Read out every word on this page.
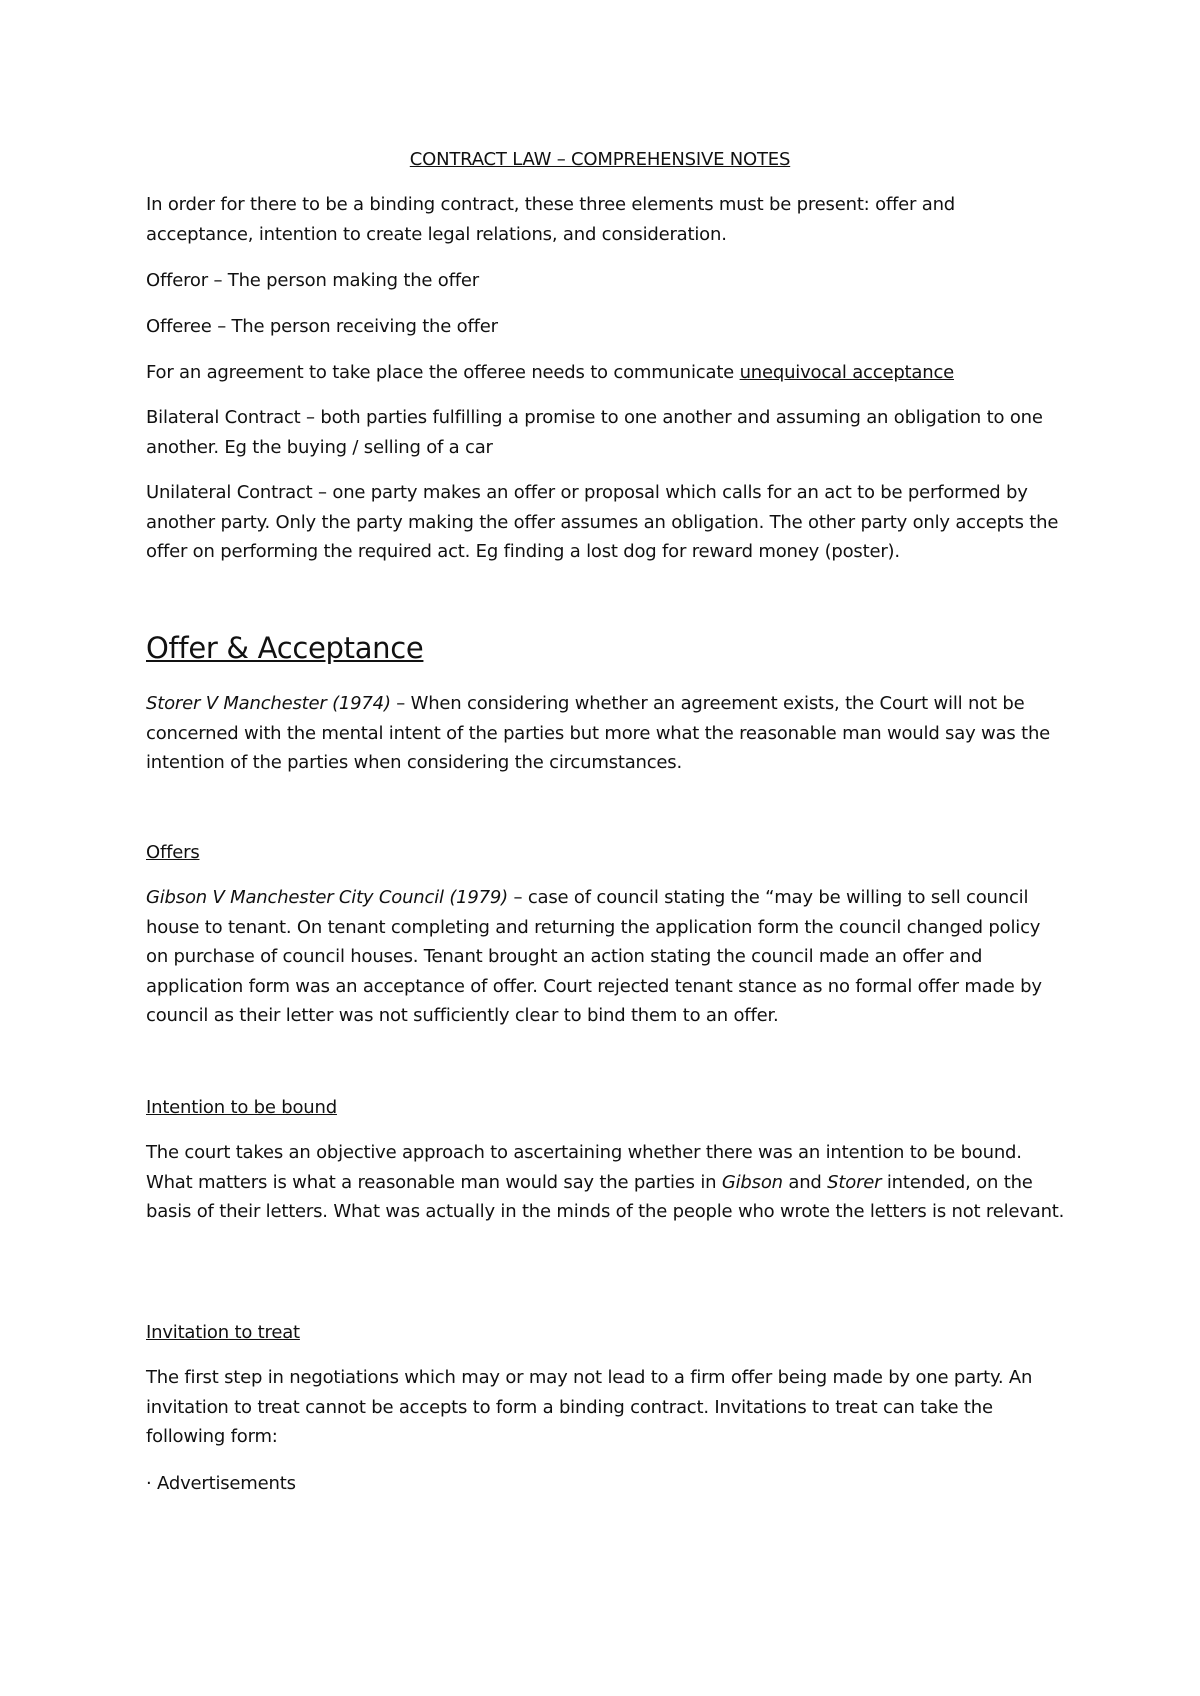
CONTRACT LAW – COMPREHENSIVE NOTES

In order for there to be a binding contract, these three elements must be present: offer and acceptance, intention to create legal relations, and consideration.

Offeror – The person making the offer

Offeree – The person receiving the offer

For an agreement to take place the offeree needs to communicate unequivocal acceptance

Bilateral Contract – both parties fulfilling a promise to one another and assuming an obligation to one another. Eg the buying / selling of a car

Unilateral Contract – one party makes an offer or proposal which calls for an act to be performed by another party. Only the party making the offer assumes an obligation. The other party only accepts the offer on performing the required act. Eg finding a lost dog for reward money (poster).

Offer & Acceptance

Storer V Manchester (1974) – When considering whether an agreement exists, the Court will not be concerned with the mental intent of the parties but more what the reasonable man would say was the intention of the parties when considering the circumstances.

Offers

Gibson V Manchester City Council (1979) – case of council stating the “may be willing to sell council house to tenant. On tenant completing and returning the application form the council changed policy on purchase of council houses. Tenant brought an action stating the council made an offer and application form was an acceptance of offer. Court rejected tenant stance as no formal offer made by council as their letter was not sufficiently clear to bind them to an offer.

Intention to be bound

The court takes an objective approach to ascertaining whether there was an intention to be bound. What matters is what a reasonable man would say the parties in Gibson and Storer intended, on the basis of their letters. What was actually in the minds of the people who wrote the letters is not relevant.

Invitation to treat

The first step in negotiations which may or may not lead to a firm offer being made by one party. An invitation to treat cannot be accepts to form a binding contract. Invitations to treat can take the following form:

· Advertisements
